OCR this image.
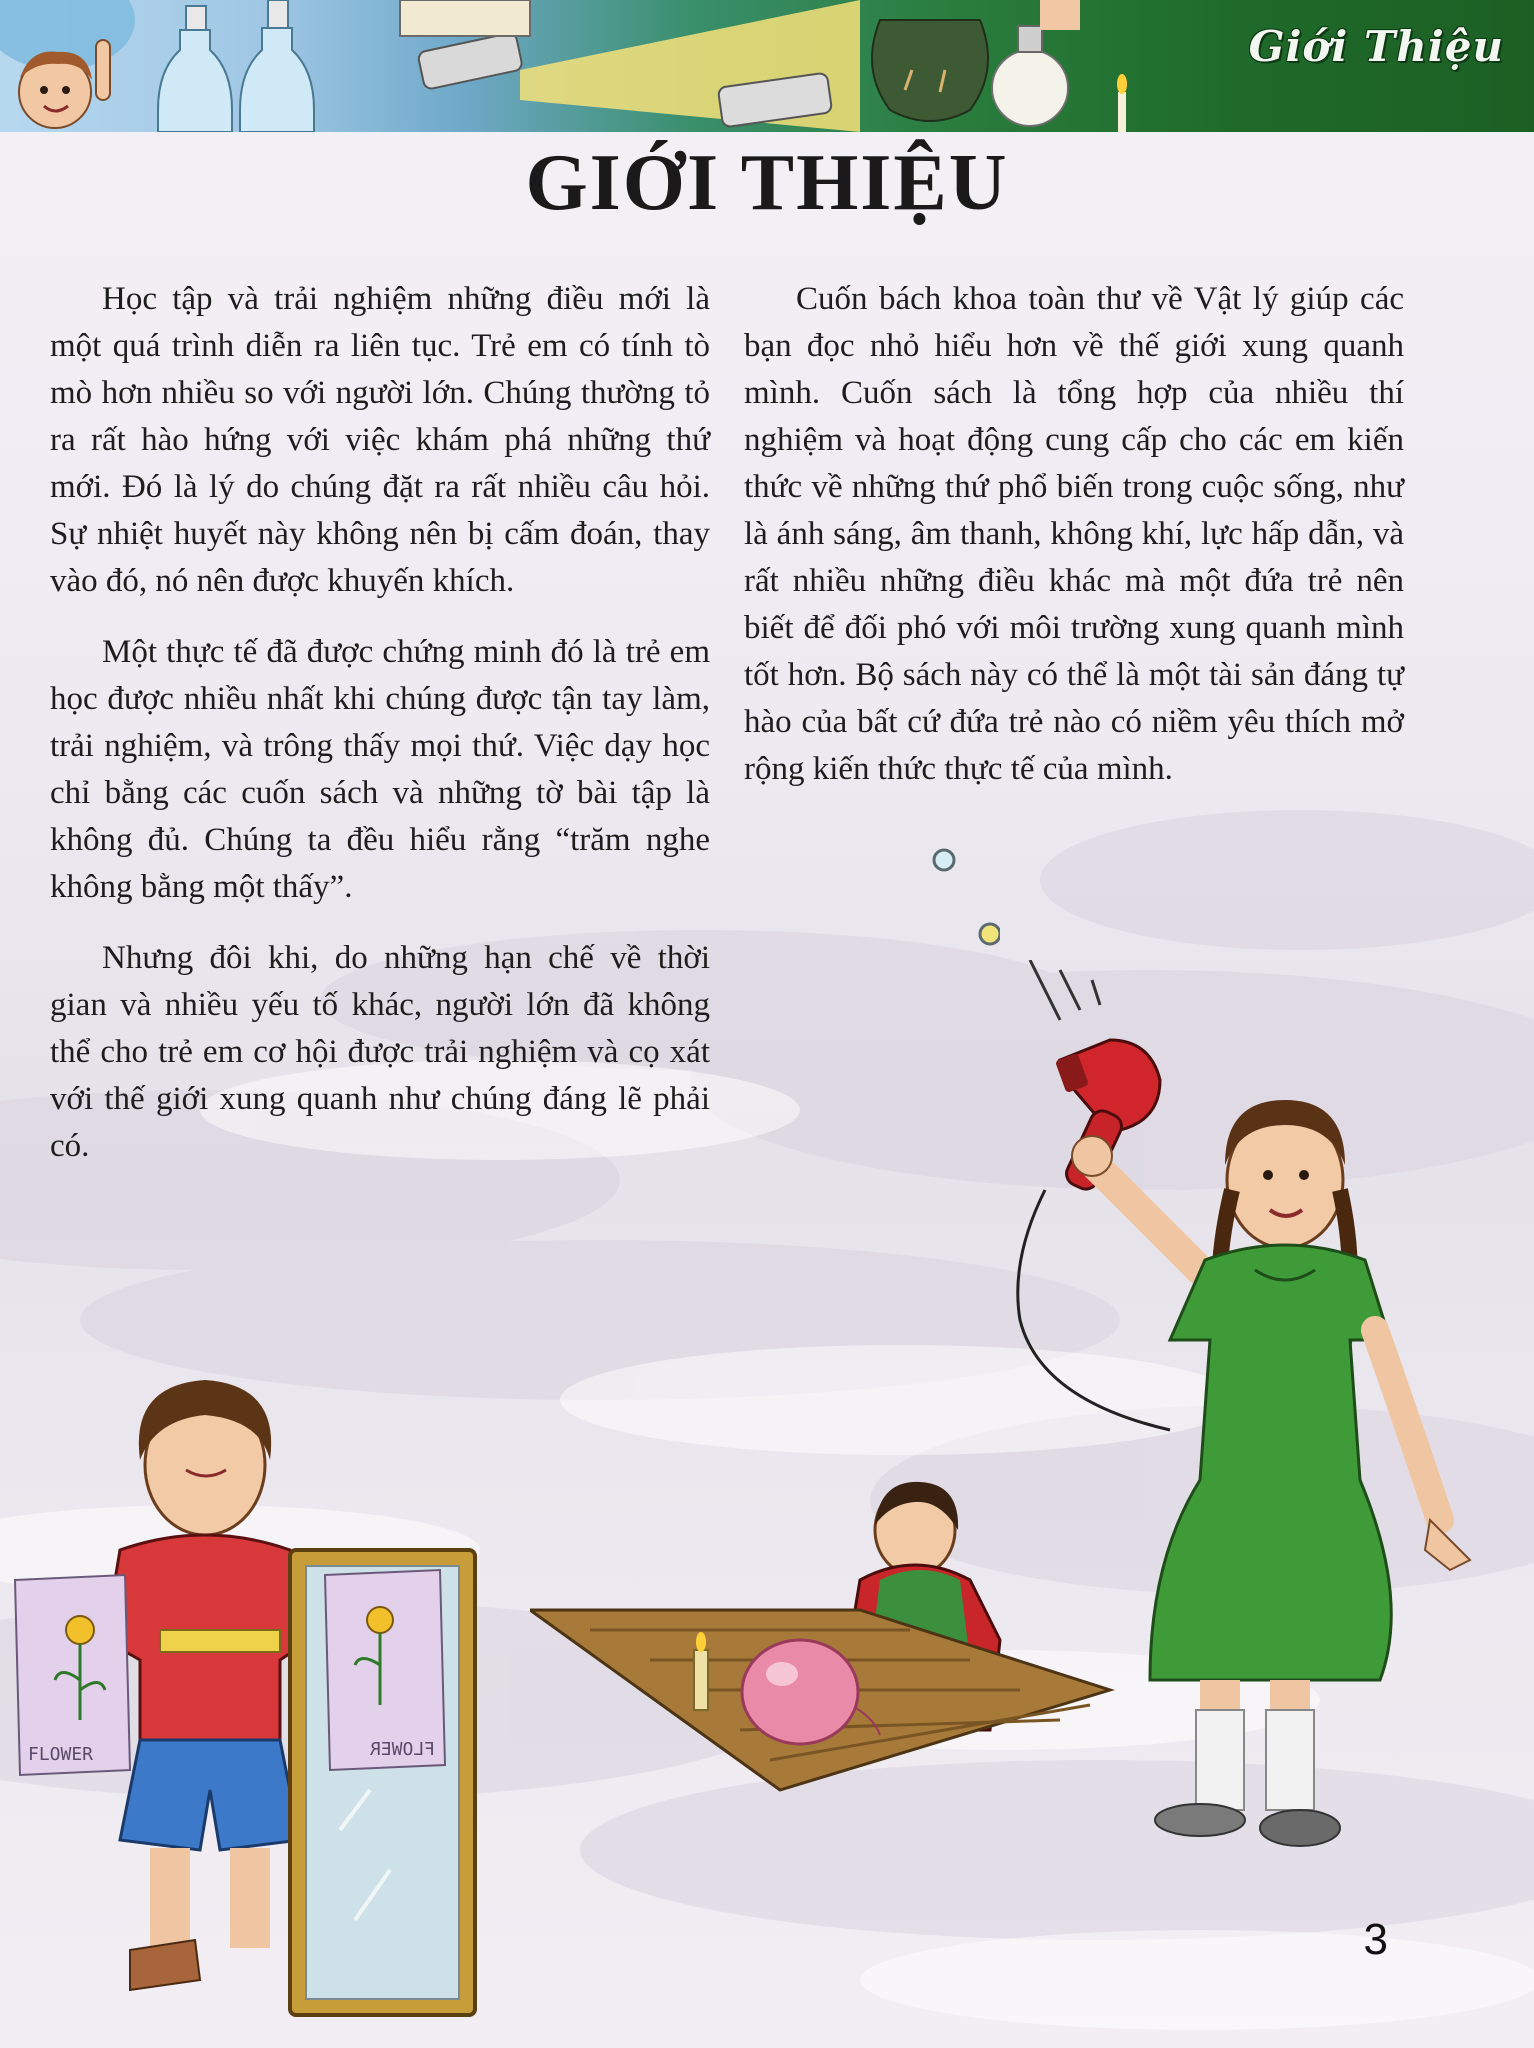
Giới Thiệu
GIỚI THIỆU

Học tập và trải nghiệm những điều mới là một quá trình diễn ra liên tục. Trẻ em có tính tò mò hơn nhiều so với người lớn. Chúng thường tỏ ra rất hào hứng với việc khám phá những thứ mới. Đó là lý do chúng đặt ra rất nhiều câu hỏi. Sự nhiệt huyết này không nên bị cấm đoán, thay vào đó, nó nên được khuyến khích.

Một thực tế đã được chứng minh đó là trẻ em học được nhiều nhất khi chúng được tận tay làm, trải nghiệm, và trông thấy mọi thứ. Việc dạy học chỉ bằng các cuốn sách và những tờ bài tập là không đủ. Chúng ta đều hiểu rằng “trăm nghe không bằng một thấy”.

Nhưng đôi khi, do những hạn chế về thời gian và nhiều yếu tố khác, người lớn đã không thể cho trẻ em cơ hội được trải nghiệm và cọ xát với thế giới xung quanh như chúng đáng lẽ phải có.

Cuốn bách khoa toàn thư về Vật lý giúp các bạn đọc nhỏ hiểu hơn về thế giới xung quanh mình. Cuốn sách là tổng hợp của nhiều thí nghiệm và hoạt động cung cấp cho các em kiến thức về những thứ phổ biến trong cuộc sống, như là ánh sáng, âm thanh, không khí, lực hấp dẫn, và rất nhiều những điều khác mà một đứa trẻ nên biết để đối phó với môi trường xung quanh mình tốt hơn. Bộ sách này có thể là một tài sản đáng tự hào của bất cứ đứa trẻ nào có niềm yêu thích mở rộng kiến thức thực tế của mình.

FLOWER	FLOWER

3
